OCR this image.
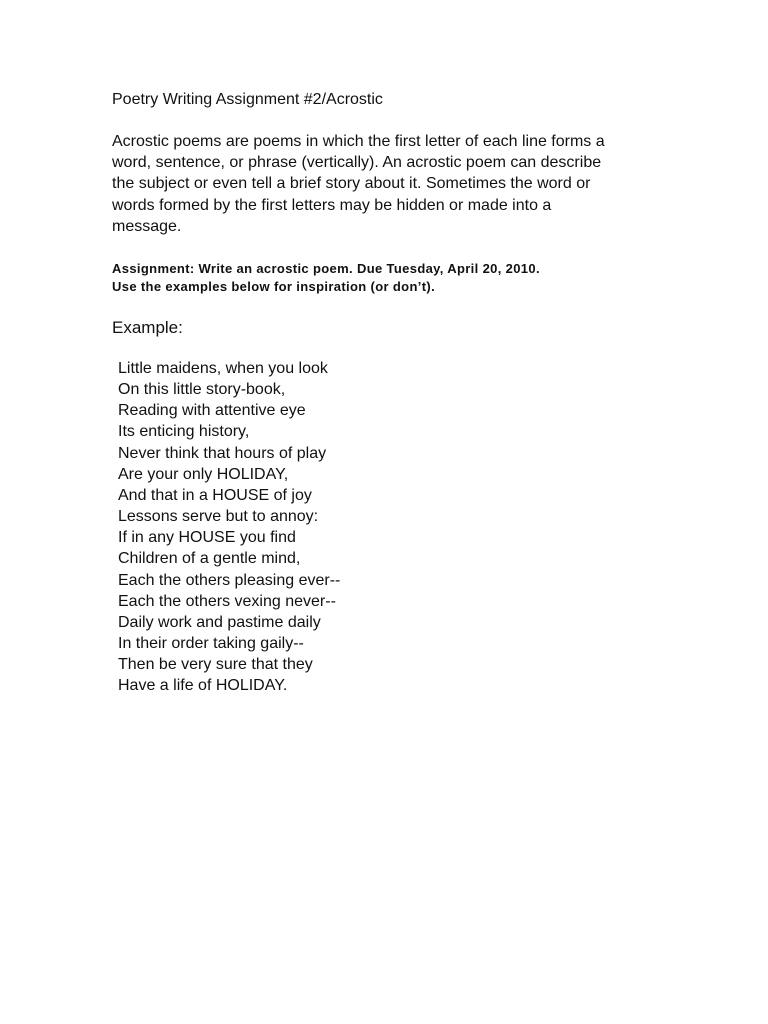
Poetry Writing Assignment #2/Acrostic
Acrostic poems are poems in which the first letter of each line forms a
word, sentence, or phrase (vertically). An acrostic poem can describe
the subject or even tell a brief story about it. Sometimes the word or
words formed by the first letters may be hidden or made into a
message.
Assignment: Write an acrostic poem. Due Tuesday, April 20, 2010.
Use the examples below for inspiration (or don’t).
Example:
Little maidens, when you look
On this little story-book,
Reading with attentive eye
Its enticing history,
Never think that hours of play
Are your only HOLIDAY,
And that in a HOUSE of joy
Lessons serve but to annoy:
If in any HOUSE you find
Children of a gentle mind,
Each the others pleasing ever--
Each the others vexing never--
Daily work and pastime daily
In their order taking gaily--
Then be very sure that they
Have a life of HOLIDAY.
